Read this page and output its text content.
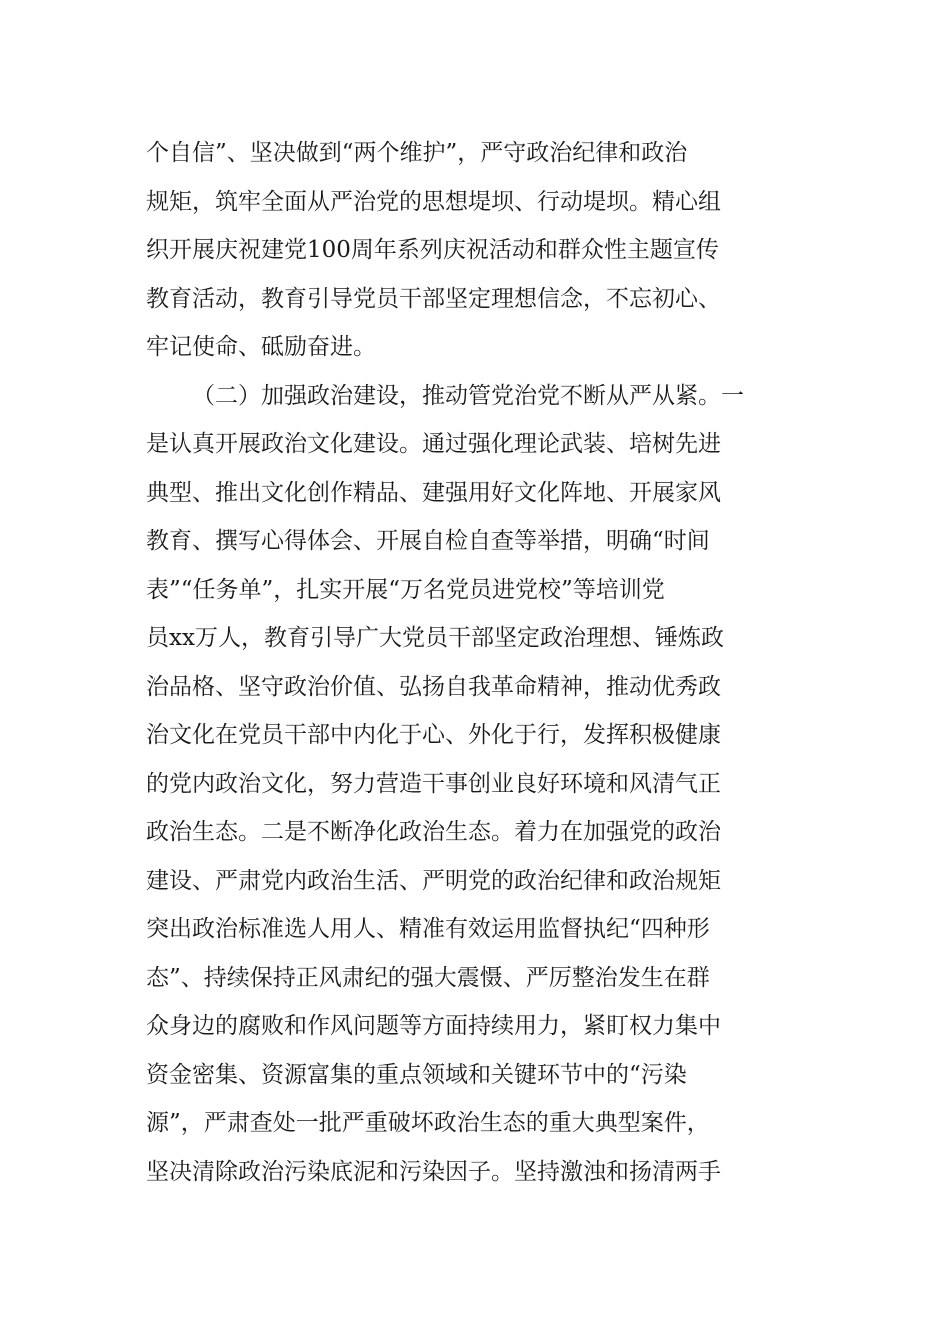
个自信”、坚决做到“两个维护”，严守政治纪律和政治
规矩，筑牢全面从严治党的思想堤坝、行动堤坝。精心组
织开展庆祝建党100周年系列庆祝活动和群众性主题宣传
教育活动，教育引导党员干部坚定理想信念，不忘初心、
牢记使命、砥励奋进。
（二）加强政治建设，推动管党治党不断从严从紧。一
是认真开展政治文化建设。通过强化理论武装、培树先进
典型、推出文化创作精品、建强用好文化阵地、开展家风
教育、撰写心得体会、开展自检自查等举措，明确“时间
表”“任务单”，扎实开展“万名党员进党校”等培训党
员xx万人，教育引导广大党员干部坚定政治理想、锤炼政
治品格、坚守政治价值、弘扬自我革命精神，推动优秀政
治文化在党员干部中内化于心、外化于行，发挥积极健康
的党内政治文化，努力营造干事创业良好环境和风清气正
政治生态。二是不断净化政治生态。着力在加强党的政治
建设、严肃党内政治生活、严明党的政治纪律和政治规矩
突出政治标准选人用人、精准有效运用监督执纪“四种形
态”、持续保持正风肃纪的强大震慑、严厉整治发生在群
众身边的腐败和作风问题等方面持续用力，紧盯权力集中
资金密集、资源富集的重点领域和关键环节中的“污染
源”，严肃查处一批严重破坏政治生态的重大典型案件，
坚决清除政治污染底泥和污染因子。坚持激浊和扬清两手
